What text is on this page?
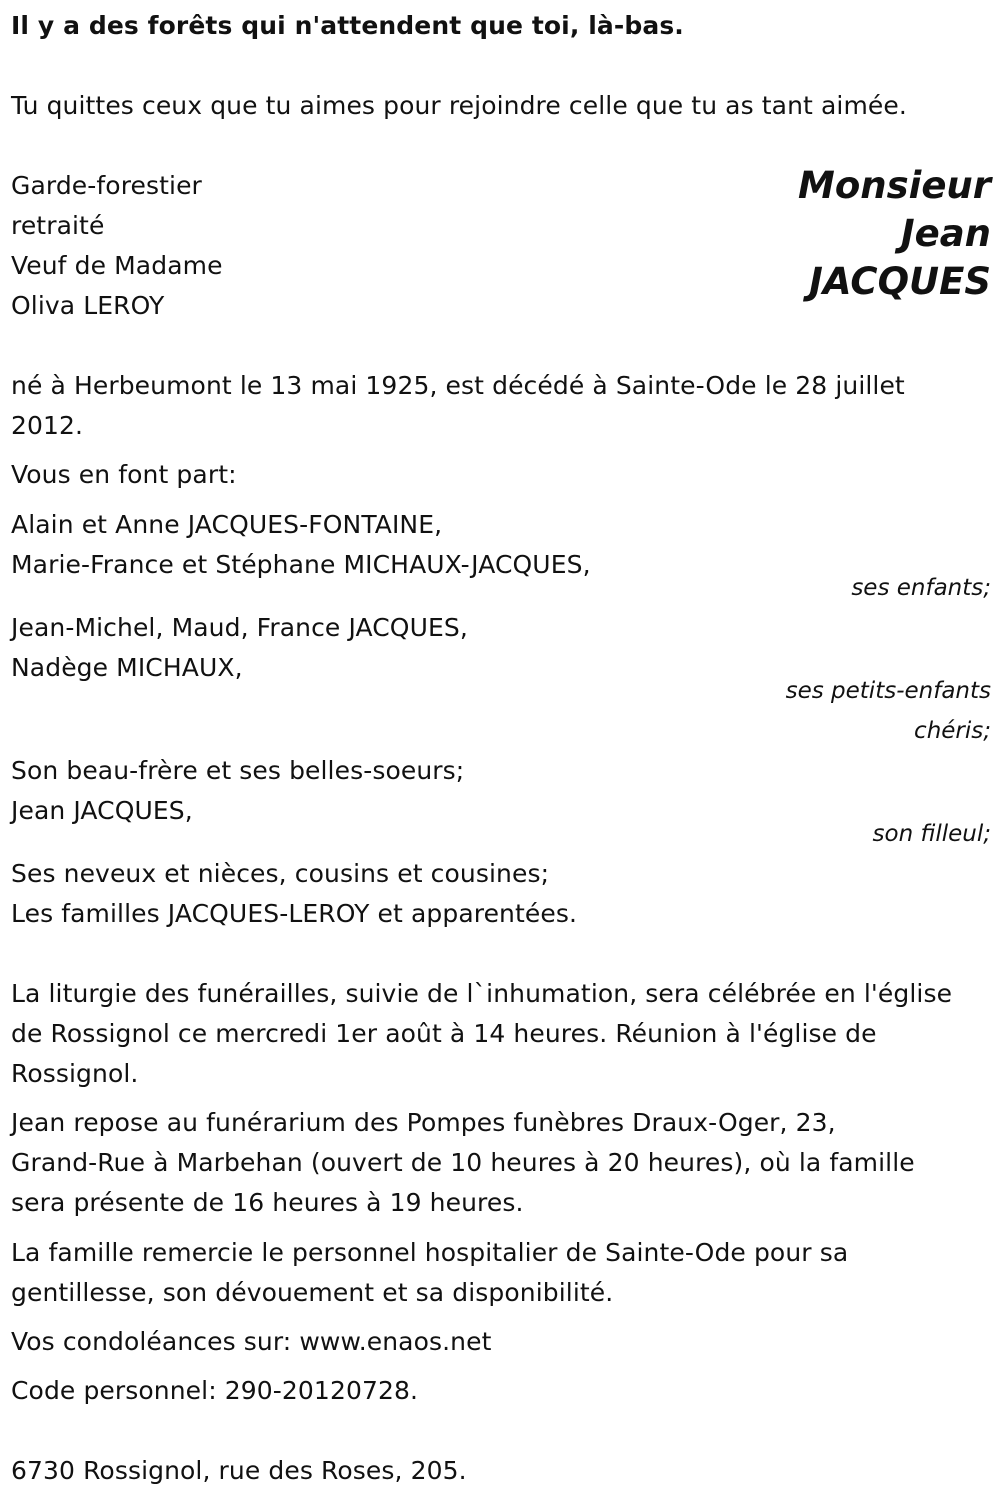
Il y a des forêts qui n'attendent que toi, là-bas.
Tu quittes ceux que tu aimes pour rejoindre celle que tu as tant aimée.
Garde-forestier
retraité
Veuf de Madame
Oliva LEROY
Monsieur
Jean
JACQUES
né à Herbeumont le 13 mai 1925, est décédé à Sainte-Ode le 28 juillet
2012.
Vous en font part:
Alain et Anne JACQUES-FONTAINE,
Marie-France et Stéphane MICHAUX-JACQUES,
ses enfants;
Jean-Michel, Maud, France JACQUES,
Nadège MICHAUX,
ses petits-enfants
chéris;
Son beau-frère et ses belles-soeurs;
Jean JACQUES,
son filleul;
Ses neveux et nièces, cousins et cousines;
Les familles JACQUES-LEROY et apparentées.
La liturgie des funérailles, suivie de l`inhumation, sera célébrée en l'église
de Rossignol ce mercredi 1er août à 14 heures. Réunion à l'église de
Rossignol.
Jean repose au funérarium des Pompes funèbres Draux-Oger, 23,
Grand-Rue à Marbehan (ouvert de 10 heures à 20 heures), où la famille
sera présente de 16 heures à 19 heures.
La famille remercie le personnel hospitalier de Sainte-Ode pour sa
gentillesse, son dévouement et sa disponibilité.
Vos condoléances sur: www.enaos.net
Code personnel: 290-20120728.
6730 Rossignol, rue des Roses, 205.
